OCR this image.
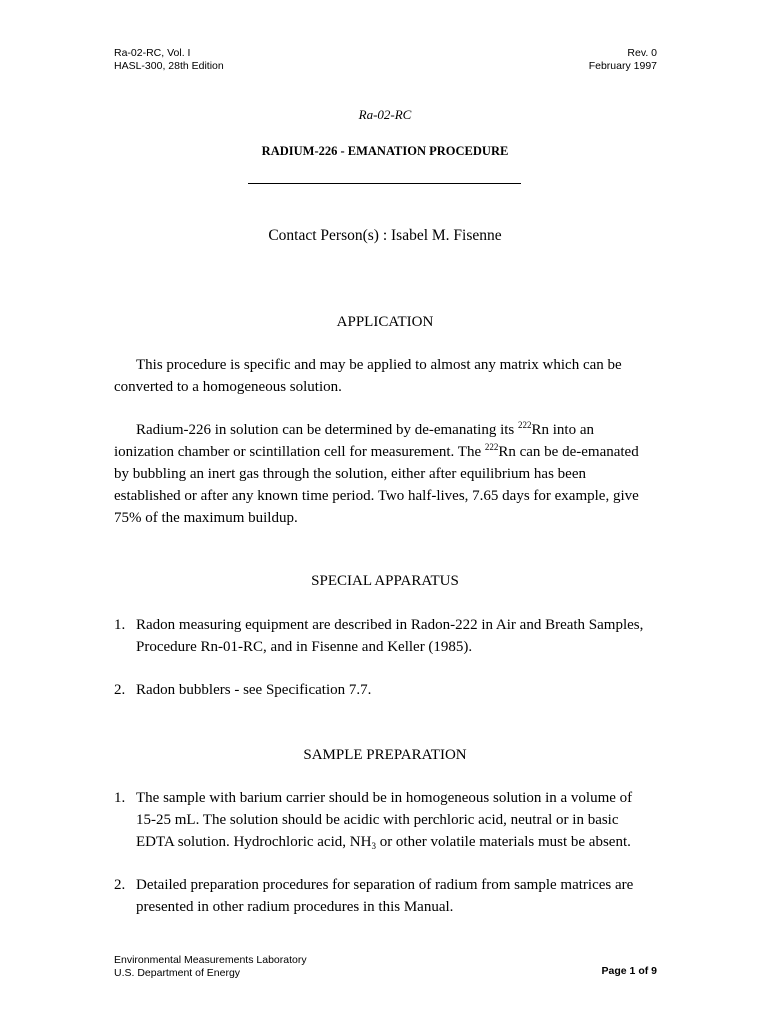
Ra-02-RC, Vol. I
HASL-300, 28th Edition
Rev. 0
February 1997
Ra-02-RC
RADIUM-226 - EMANATION PROCEDURE
Contact Person(s) : Isabel M. Fisenne
APPLICATION
This procedure is specific and may be applied to almost any matrix which can be converted to a homogeneous solution.
Radium-226 in solution can be determined by de-emanating its $^{222}$Rn into an ionization chamber or scintillation cell for measurement. The $^{222}$Rn can be de-emanated by bubbling an inert gas through the solution, either after equilibrium has been established or after any known time period. Two half-lives, 7.65 days for example, give 75% of the maximum buildup.
SPECIAL APPARATUS
1. Radon measuring equipment are described in Radon-222 in Air and Breath Samples, Procedure Rn-01-RC, and in Fisenne and Keller (1985).
2. Radon bubblers - see Specification 7.7.
SAMPLE PREPARATION
1. The sample with barium carrier should be in homogeneous solution in a volume of 15-25 mL. The solution should be acidic with perchloric acid, neutral or in basic EDTA solution. Hydrochloric acid, $NH_3$ or other volatile materials must be absent.
2. Detailed preparation procedures for separation of radium from sample matrices are presented in other radium procedures in this Manual.
Environmental Measurements Laboratory
U.S. Department of Energy	Page 1 of 9
